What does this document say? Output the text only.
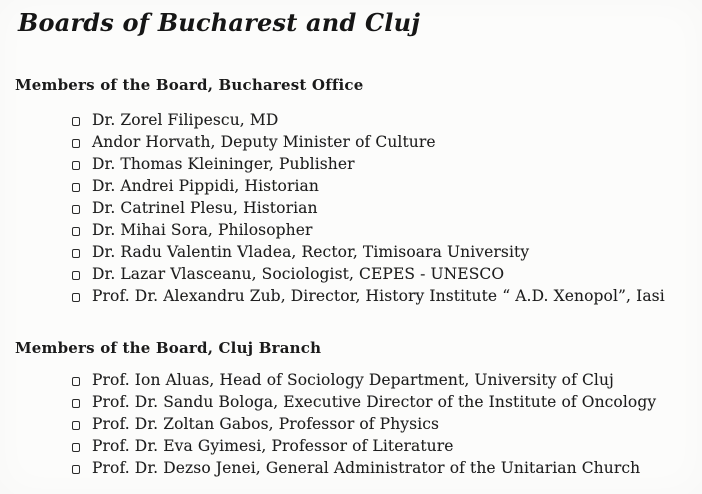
Boards of Bucharest and Cluj
Members of the Board, Bucharest Office
Dr. Zorel Filipescu, MD
Andor Horvath, Deputy Minister of Culture
Dr. Thomas Kleininger, Publisher
Dr. Andrei Pippidi, Historian
Dr. Catrinel Plesu, Historian
Dr. Mihai Sora, Philosopher
Dr. Radu Valentin Vladea, Rector, Timisoara University
Dr. Lazar Vlasceanu, Sociologist, CEPES - UNESCO
Prof. Dr. Alexandru Zub, Director, History Institute “ A.D. Xenopol”, Iasi
Members of the Board, Cluj Branch
Prof. Ion Aluas, Head of Sociology Department, University of Cluj
Prof. Dr. Sandu Bologa, Executive Director of the Institute of Oncology
Prof. Dr. Zoltan Gabos, Professor of Physics
Prof. Dr. Eva Gyimesi, Professor of Literature
Prof. Dr. Dezso Jenei, General Administrator of the Unitarian Church
